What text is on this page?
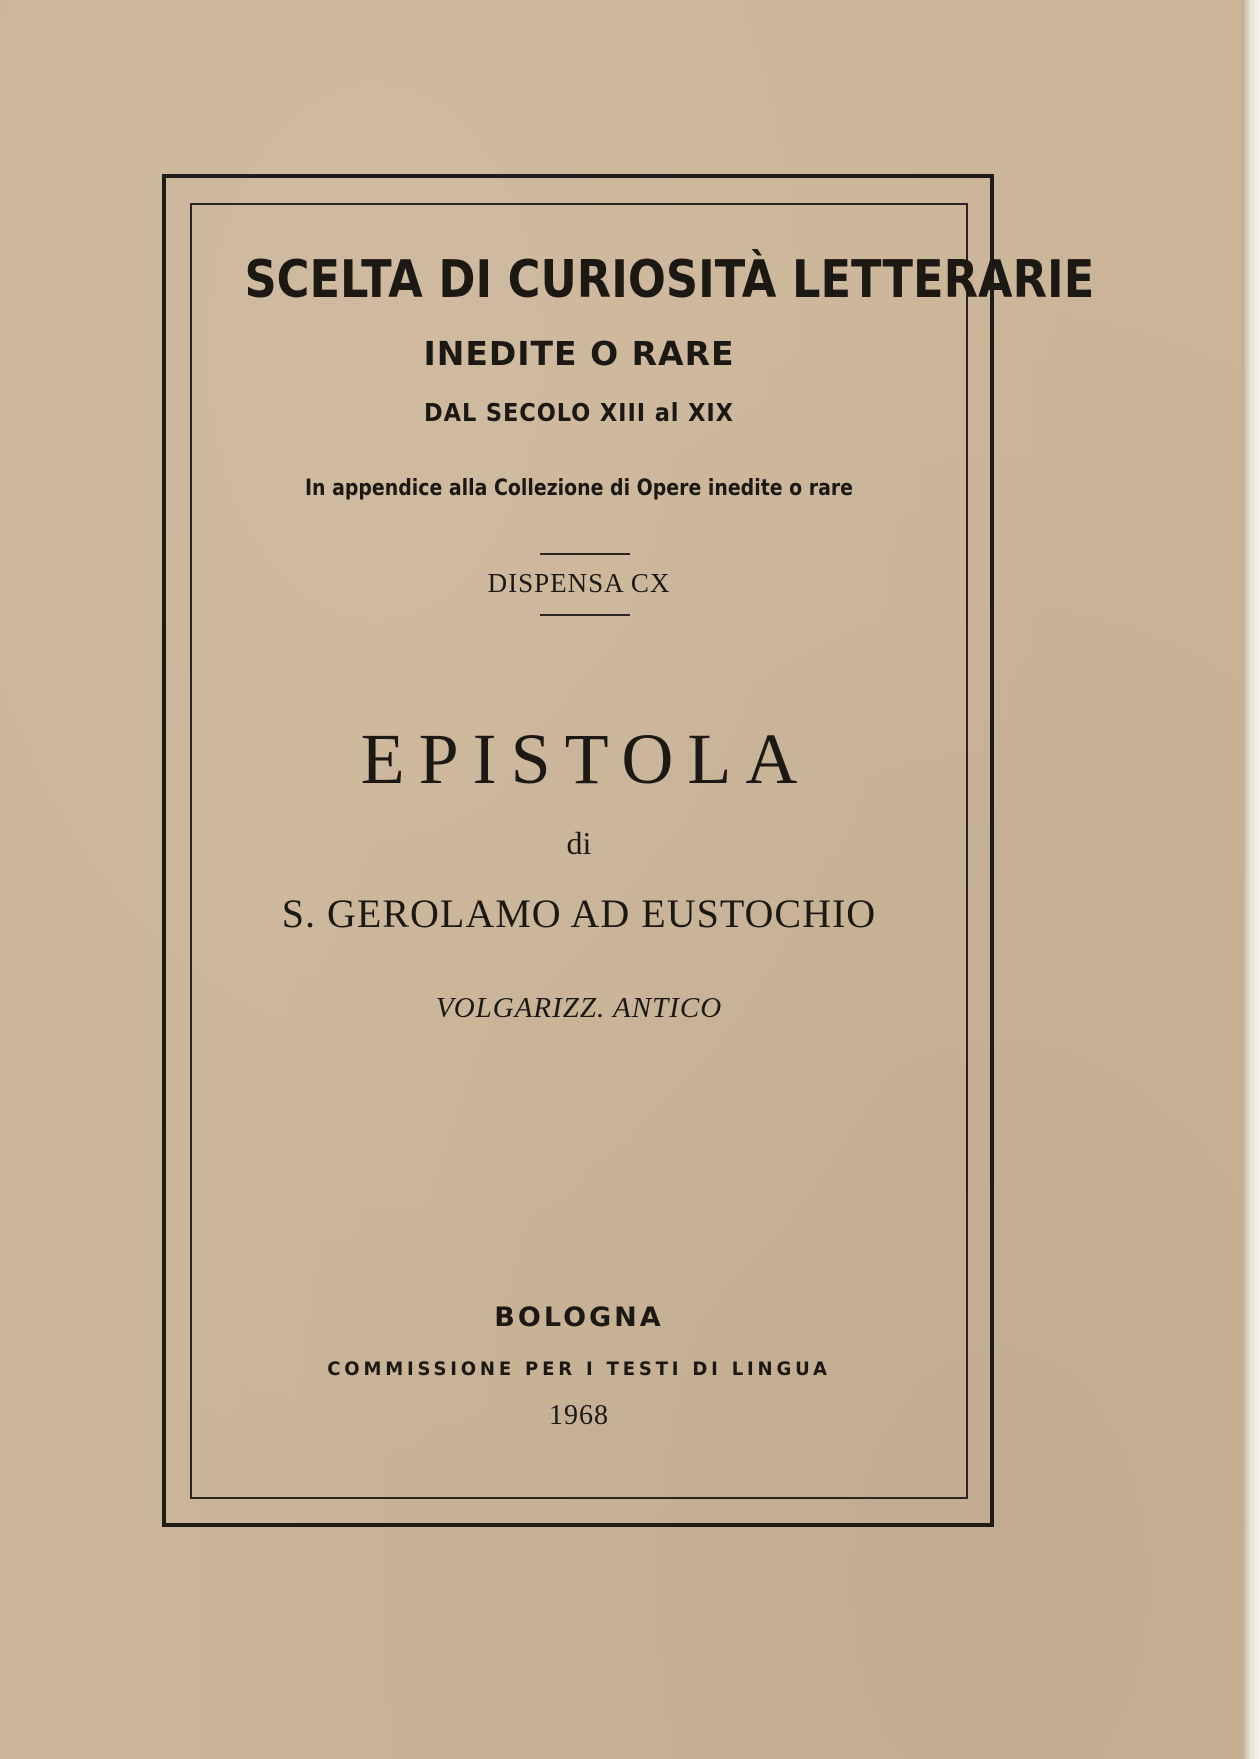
SCELTA DI CURIOSITÀ LETTERARIE
INEDITE O RARE
DAL SECOLO XIII al XIX
In appendice alla Collezione di Opere inedite o rare
DISPENSA CX
EPISTOLA
di
S. GEROLAMO AD EUSTOCHIO
VOLGARIZZ. ANTICO
BOLOGNA
COMMISSIONE PER I TESTI DI LINGUA
1968
